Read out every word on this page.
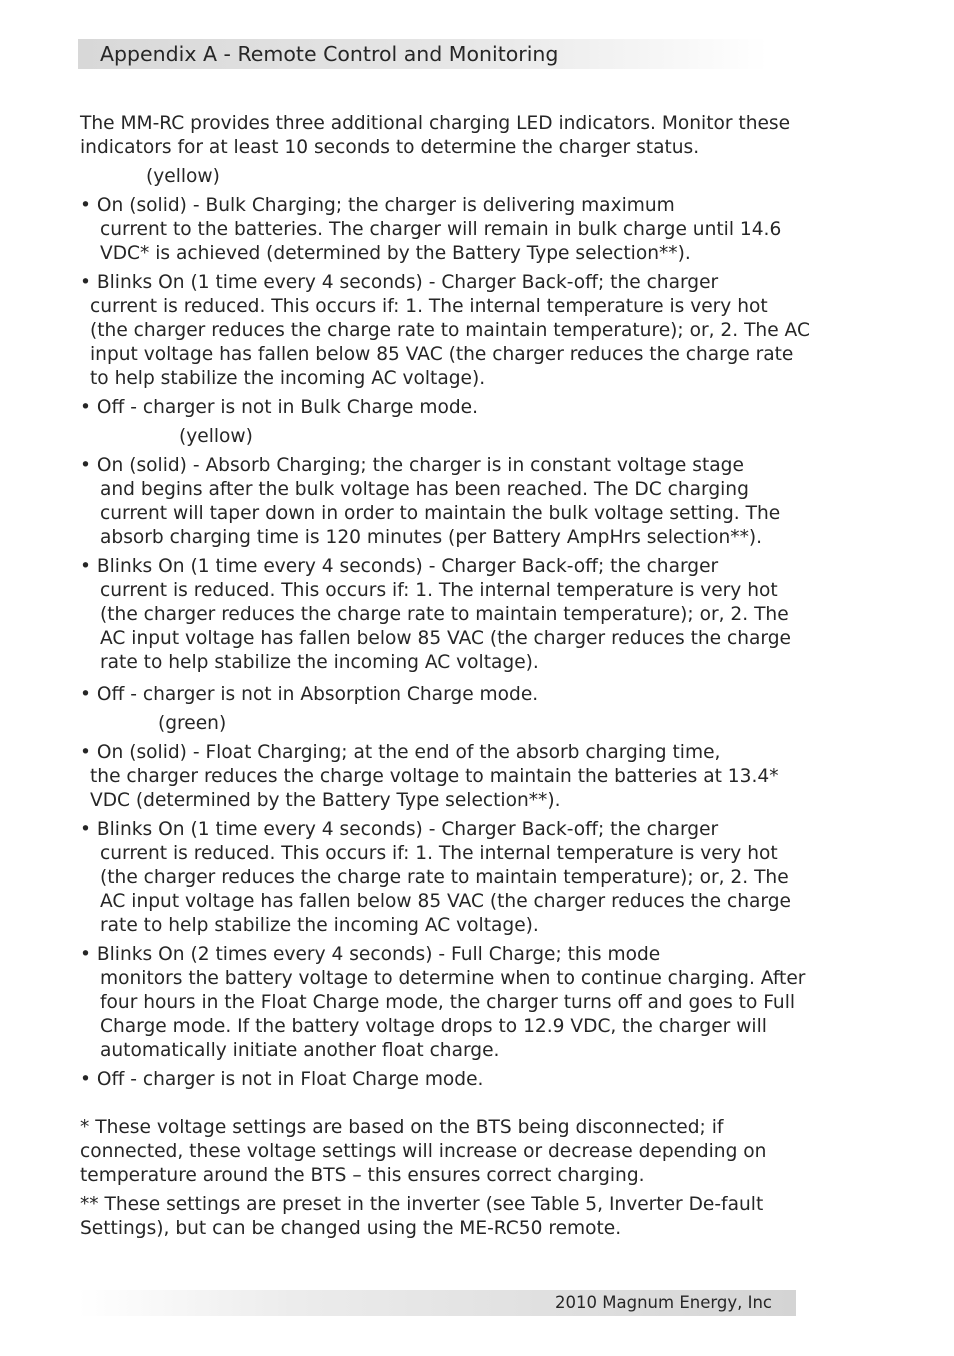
Appendix A - Remote Control and Monitoring

The MM-RC provides three additional charging LED indicators. Monitor these indicators for at least 10 seconds to determine the charger status.

(yellow)

• On (solid) - Bulk Charging; the charger is delivering maximum
current to the batteries. The charger will remain in bulk charge until 14.6 VDC* is achieved (determined by the Battery Type selection**).

• Blinks On (1 time every 4 seconds) - Charger Back-off; the charger
current is reduced. This occurs if: 1. The internal temperature is very hot (the charger reduces the charge rate to maintain temperature); or, 2. The AC input voltage has fallen below 85 VAC (the charger reduces the charge rate to help stabilize the incoming AC voltage).

• Off - charger is not in Bulk Charge mode.

(yellow)

• On (solid) - Absorb Charging; the charger is in constant voltage stage
and begins after the bulk voltage has been reached. The DC charging current will taper down in order to maintain the bulk voltage setting. The absorb charging time is 120 minutes (per Battery AmpHrs selection**).

• Blinks On (1 time every 4 seconds) - Charger Back-off; the charger
current is reduced. This occurs if: 1. The internal temperature is very hot (the charger reduces the charge rate to maintain temperature); or, 2. The AC input voltage has fallen below 85 VAC (the charger reduces the charge rate to help stabilize the incoming AC voltage).

• Off - charger is not in Absorption Charge mode.

(green)

• On (solid) - Float Charging; at the end of the absorb charging time,
the charger reduces the charge voltage to maintain the batteries at 13.4* VDC (determined by the Battery Type selection**).

• Blinks On (1 time every 4 seconds) - Charger Back-off; the charger
current is reduced. This occurs if: 1. The internal temperature is very hot (the charger reduces the charge rate to maintain temperature); or, 2. The AC input voltage has fallen below 85 VAC (the charger reduces the charge rate to help stabilize the incoming AC voltage).

• Blinks On (2 times every 4 seconds) - Full Charge; this mode
monitors the battery voltage to determine when to continue charging. After four hours in the Float Charge mode, the charger turns off and goes to Full Charge mode. If the battery voltage drops to 12.9 VDC, the charger will automatically initiate another float charge.

• Off - charger is not in Float Charge mode.

* These voltage settings are based on the BTS being disconnected; if connected, these voltage settings will increase or decrease depending on temperature around the BTS – this ensures correct charging.

** These settings are preset in the inverter (see Table 5, Inverter De-fault Settings), but can be changed using the ME-RC50 remote.

2010 Magnum Energy, Inc
